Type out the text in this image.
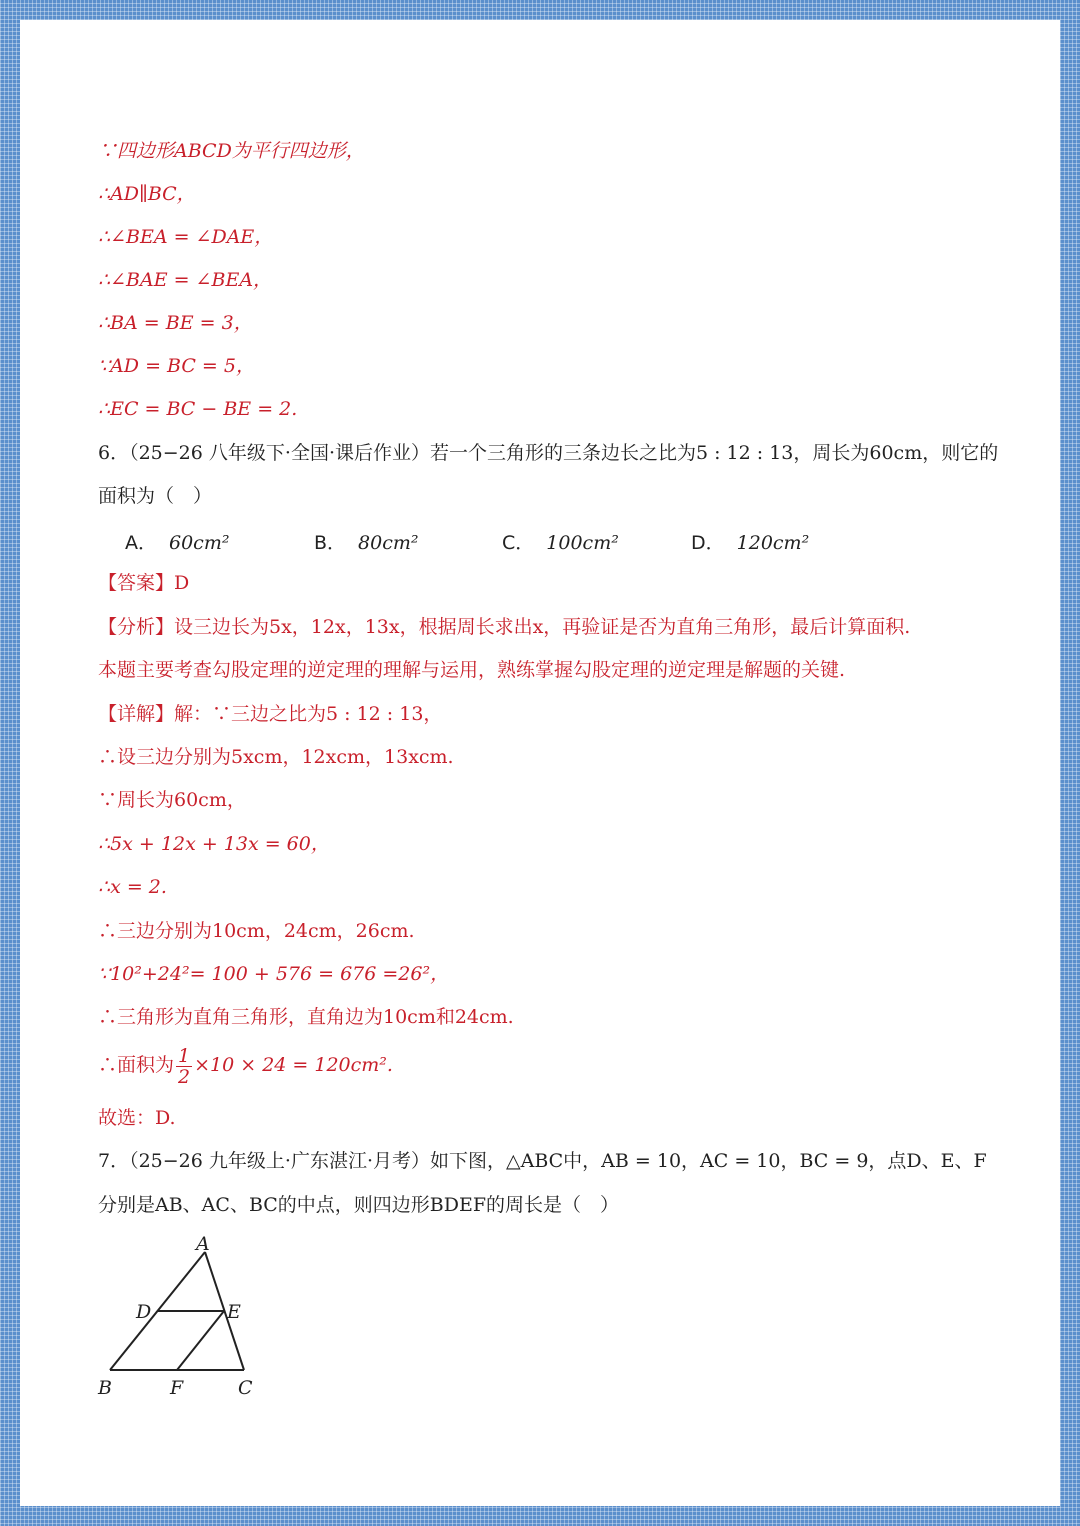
∵四边形ABCD为平行四边形，
∴AD∥BC，
∴∠BEA = ∠DAE，
∴∠BAE = ∠BEA，
∴BA = BE = 3，
∵AD = BC = 5，
∴EC = BC − BE = 2.
6．（25−26 八年级下·全国·课后作业）若一个三角形的三条边长之比为5 : 12 : 13，周长为60cm，则它的
面积为（　）
A． 60cm²	B． 80cm²	C． 100cm²	D． 120cm²
【答案】D
【分析】设三边长为5x，12x，13x，根据周长求出x，再验证是否为直角三角形，最后计算面积.
本题主要考查勾股定理的逆定理的理解与运用，熟练掌握勾股定理的逆定理是解题的关键.
【详解】解：∵三边之比为5 : 12 : 13，
∴设三边分别为5xcm，12xcm，13xcm.
∵周长为60cm，
∴5x + 12x + 13x = 60，
∴x = 2.
∴三边分别为10cm，24cm，26cm.
∵10²+24²= 100 + 576 = 676 =26²，
∴三角形为直角三角形，直角边为10cm和24cm.
∴面积为 $\frac{1}{2} \times 10 \times 24 = 120cm^2$.
故选：D.
7．（25−26 九年级上·广东湛江·月考）如下图，△ABC中，AB = 10，AC = 10，BC = 9，点D、E、F
分别是AB、AC、BC的中点，则四边形BDEF的周长是（　）
A
D	E
B	F	C
